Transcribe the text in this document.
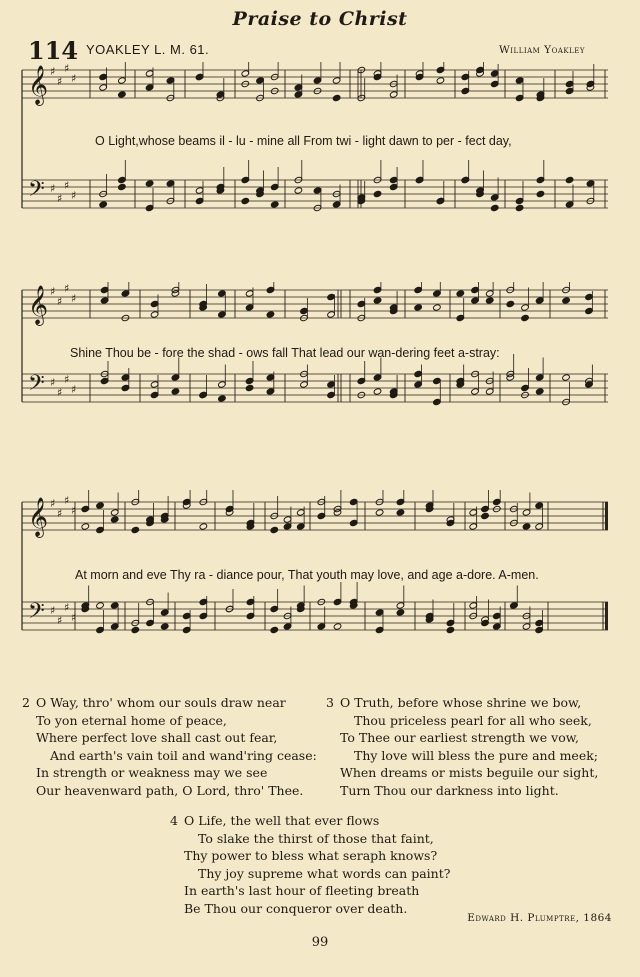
Praise to Christ
114 YOAKLEY L. M. 61.	William Yoakley
𝄞
𝄢
♯
♯
♯
♯
♯
♯
♯
♯
O Light,whose beams il - lu - mine all From twi - light dawn to per - fect day,
𝄞
𝄢
♯
♯
♯
♯
♯
♯
♯
♯
Shine Thou be - fore the shad - ows fall That lead our wan-dering feet a-stray:
𝄞
𝄢
♯
♯
♯
♯
♯
♯
♯
♯
At morn and eve Thy ra - diance pour, That youth may love, and age a-dore. A-men.
2 O Way, thro' whom our souls draw near
To yon eternal home of peace,
Where perfect love shall cast out fear,
And earth's vain toil and wand'ring cease:
In strength or weakness may we see
Our heavenward path, O Lord, thro' Thee.
3 O Truth, before whose shrine we bow,
Thou priceless pearl for all who seek,
To Thee our earliest strength we vow,
Thy love will bless the pure and meek;
When dreams or mists beguile our sight,
Turn Thou our darkness into light.
4 O Life, the well that ever flows
To slake the thirst of those that faint,
Thy power to bless what seraph knows?
Thy joy supreme what words can paint?
In earth's last hour of fleeting breath
Be Thou our conqueror over death.
Edward H. Plumptre, 1864
99
